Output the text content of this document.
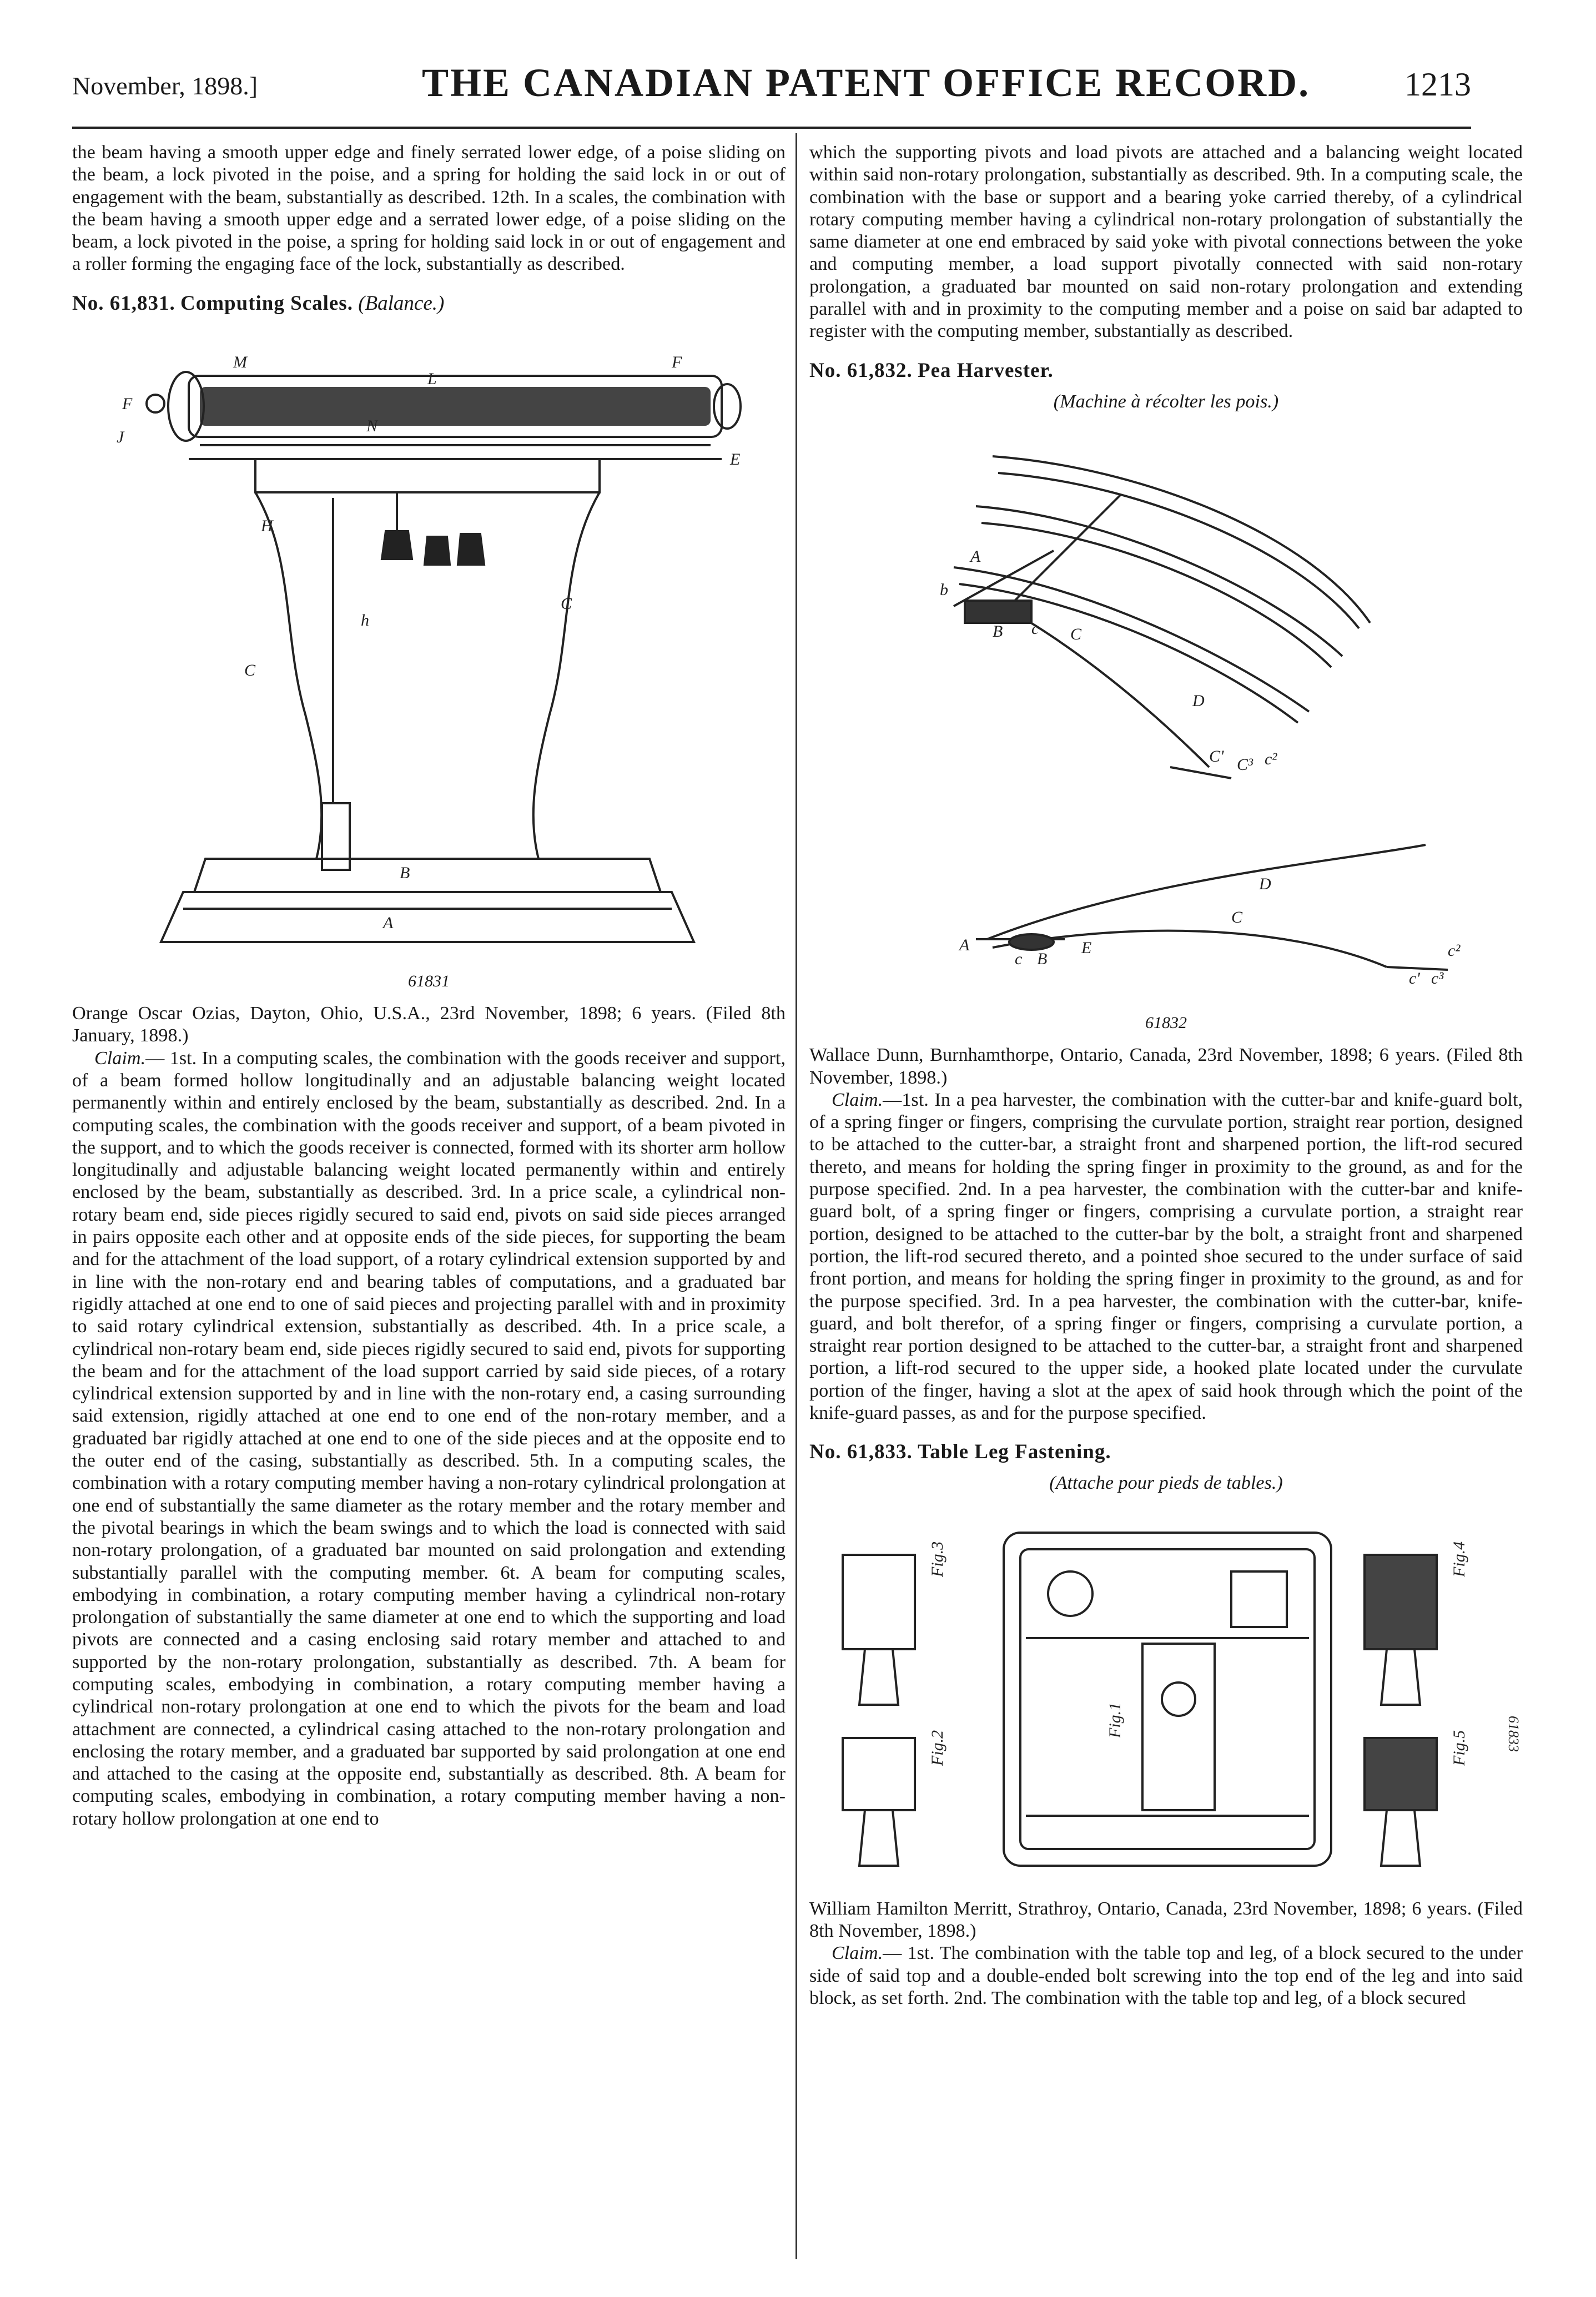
November, 1898.]	THE CANADIAN PATENT OFFICE RECORD.	1213

the beam having a smooth upper edge and finely serrated lower edge, of a poise sliding on the beam, a lock pivoted in the poise, and a spring for holding the said lock in or out of engagement with the beam, substantially as described. 12th. In a scales, the combination with the beam having a smooth upper edge and a serrated lower edge, of a poise sliding on the beam, a lock pivoted in the poise, a spring for holding said lock in or out of engagement and a roller forming the engaging face of the lock, substantially as described.

No. 61,831. Computing Scales. (Balance.)

M	F
L
F
J
E
N
H
h
C
C
B
A
61831

Orange Oscar Ozias, Dayton, Ohio, U.S.A., 23rd November, 1898; 6 years. (Filed 8th January, 1898.)

Claim.— 1st. In a computing scales, the combination with the goods receiver and support, of a beam formed hollow longitudinally and an adjustable balancing weight located permanently within and entirely enclosed by the beam, substantially as described. 2nd. In a computing scales, the combination with the goods receiver and support, of a beam pivoted in the support, and to which the goods receiver is connected, formed with its shorter arm hollow longitudinally and adjustable balancing weight located permanently within and entirely enclosed by the beam, substantially as described. 3rd. In a price scale, a cylindrical non-rotary beam end, side pieces rigidly secured to said end, pivots on said side pieces arranged in pairs opposite each other and at opposite ends of the side pieces, for supporting the beam and for the attachment of the load support, of a rotary cylindrical extension supported by and in line with the non-rotary end and bearing tables of computations, and a graduated bar rigidly attached at one end to one of said pieces and projecting parallel with and in proximity to said rotary cylindrical extension, substantially as described. 4th. In a price scale, a cylindrical non-rotary beam end, side pieces rigidly secured to said end, pivots for supporting the beam and for the attachment of the load support carried by said side pieces, of a rotary cylindrical extension supported by and in line with the non-rotary end, a casing surrounding said extension, rigidly attached at one end to one end of the non-rotary member, and a graduated bar rigidly attached at one end to one of the side pieces and at the opposite end to the outer end of the casing, substantially as described. 5th. In a computing scales, the combination with a rotary computing member having a non-rotary cylindrical prolongation at one end of substantially the same diameter as the rotary member and the rotary member and the pivotal bearings in which the beam swings and to which the load is connected with said non-rotary prolongation, of a graduated bar mounted on said prolongation and extending substantially parallel with the computing member. 6t. A beam for computing scales, embodying in combination, a rotary computing member having a cylindrical non-rotary prolongation of substantially the same diameter at one end to which the supporting and load pivots are connected and a casing enclosing said rotary member and attached to and supported by the non-rotary prolongation, substantially as described. 7th. A beam for computing scales, embodying in combination, a rotary computing member having a cylindrical non-rotary prolongation at one end to which the pivots for the beam and load attachment are connected, a cylindrical casing attached to the non-rotary prolongation and enclosing the rotary member, and a graduated bar supported by said prolongation at one end and attached to the casing at the opposite end, substantially as described. 8th. A beam for computing scales, embodying in combination, a rotary computing member having a non-rotary hollow prolongation at one end to

which the supporting pivots and load pivots are attached and a balancing weight located within said non-rotary prolongation, substantially as described. 9th. In a computing scale, the combination with the base or support and a bearing yoke carried thereby, of a cylindrical rotary computing member having a cylindrical non-rotary prolongation of substantially the same diameter at one end embraced by said yoke with pivotal connections between the yoke and computing member, a load support pivotally connected with said non-rotary prolongation, a graduated bar mounted on said non-rotary prolongation and extending parallel with and in proximity to the computing member and a poise on said bar adapted to register with the computing member, substantially as described.

No. 61,832. Pea Harvester.

(Machine à récolter les pois.)

A
b
B c C
D
C' C³ c²
D
C
A
c B
E	c²
c' c³
61832

Wallace Dunn, Burnhamthorpe, Ontario, Canada, 23rd November, 1898; 6 years. (Filed 8th November, 1898.)

Claim.—1st. In a pea harvester, the combination with the cutter-bar and knife-guard bolt, of a spring finger or fingers, comprising the curvulate portion, straight rear portion, designed to be attached to the cutter-bar, a straight front and sharpened portion, the lift-rod secured thereto, and means for holding the spring finger in proximity to the ground, as and for the purpose specified. 2nd. In a pea harvester, the combination with the cutter-bar and knife-guard bolt, of a spring finger or fingers, comprising a curvulate portion, a straight rear portion, designed to be attached to the cutter-bar by the bolt, a straight front and sharpened portion, the lift-rod secured thereto, and a pointed shoe secured to the under surface of said front portion, and means for holding the spring finger in proximity to the ground, as and for the purpose specified. 3rd. In a pea harvester, the combination with the cutter-bar, knife-guard, and bolt therefor, of a spring finger or fingers, comprising a curvulate portion, a straight rear portion designed to be attached to the cutter-bar, a straight front and sharpened portion, a lift-rod secured to the upper side, a hooked plate located under the curvulate portion of the finger, having a slot at the apex of said hook through which the point of the knife-guard passes, as and for the purpose specified.

No. 61,833. Table Leg Fastening.

(Attache pour pieds de tables.)

Fig.3	Fig.4
Fig.1
Fig.2	Fig.5	61833

William Hamilton Merritt, Strathroy, Ontario, Canada, 23rd November, 1898; 6 years. (Filed 8th November, 1898.)

Claim.— 1st. The combination with the table top and leg, of a block secured to the under side of said top and a double-ended bolt screwing into the top end of the leg and into said block, as set forth. 2nd. The combination with the table top and leg, of a block secured
